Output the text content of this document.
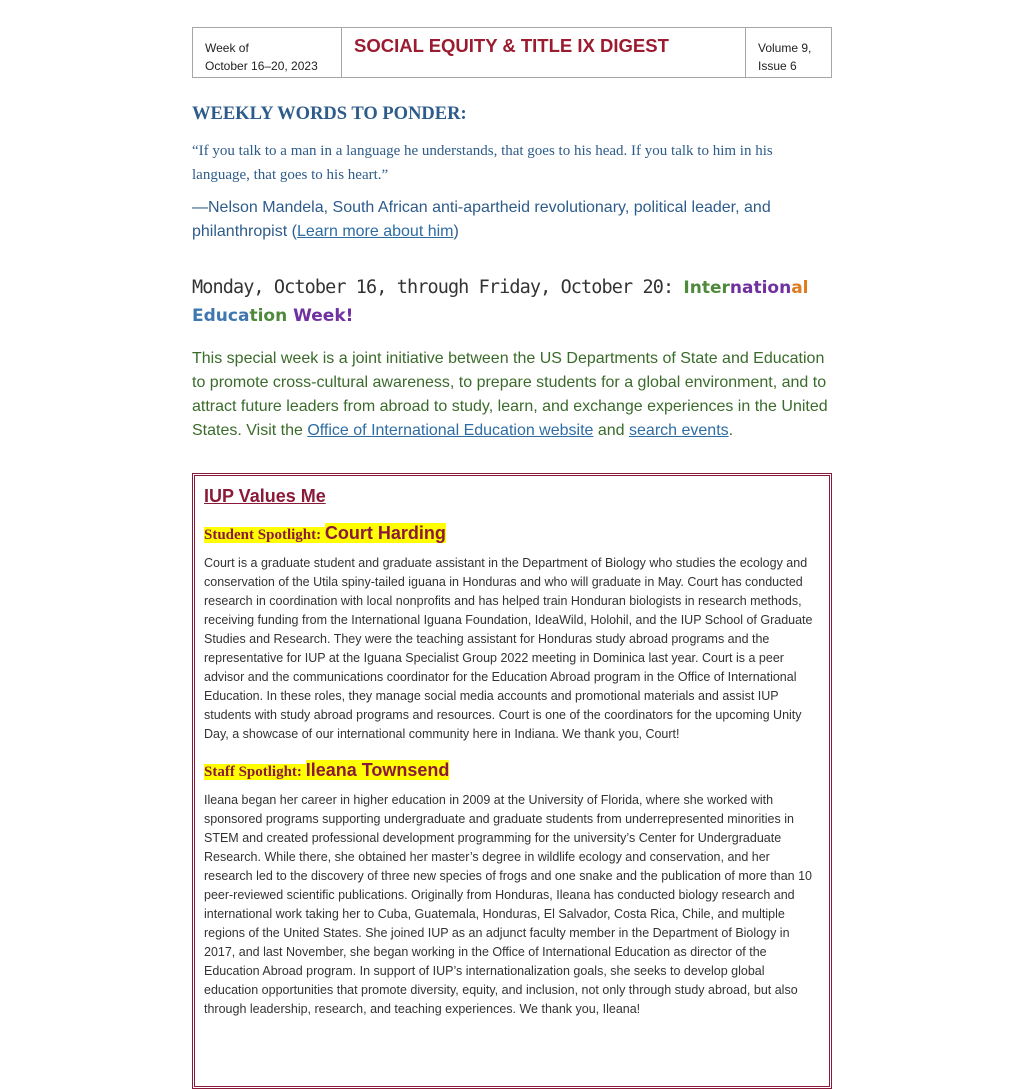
Week of
October 16–20, 2023
SOCIAL EQUITY & TITLE IX DIGEST	Volume 9,
Issue 6
WEEKLY WORDS TO PONDER:
“If you talk to a man in a language he understands, that goes to his head. If you talk to him in his language, that goes to his heart.”
—Nelson Mandela, South African anti-apartheid revolutionary, political leader, and philanthropist (Learn more about him)
Monday, October 16, through Friday, October 20: International Education Week!
This special week is a joint initiative between the US Departments of State and Education to promote cross-cultural awareness, to prepare students for a global environment, and to attract future leaders from abroad to study, learn, and exchange experiences in the United States. Visit the Office of International Education website and search events.
IUP Values Me
Student Spotlight: Court Harding
Court is a graduate student and graduate assistant in the Department of Biology who studies the ecology and conservation of the Utila spiny-tailed iguana in Honduras and who will graduate in May. Court has conducted research in coordination with local nonprofits and has helped train Honduran biologists in research methods, receiving funding from the International Iguana Foundation, IdeaWild, Holohil, and the IUP School of Graduate Studies and Research. They were the teaching assistant for Honduras study abroad programs and the representative for IUP at the Iguana Specialist Group 2022 meeting in Dominica last year. Court is a peer advisor and the communications coordinator for the Education Abroad program in the Office of International Education. In these roles, they manage social media accounts and promotional materials and assist IUP students with study abroad programs and resources. Court is one of the coordinators for the upcoming Unity Day, a showcase of our international community here in Indiana. We thank you, Court!
Staff Spotlight: Ileana Townsend
Ileana began her career in higher education in 2009 at the University of Florida, where she worked with sponsored programs supporting undergraduate and graduate students from underrepresented minorities in STEM and created professional development programming for the university’s Center for Undergraduate Research. While there, she obtained her master’s degree in wildlife ecology and conservation, and her research led to the discovery of three new species of frogs and one snake and the publication of more than 10 peer-reviewed scientific publications. Originally from Honduras, Ileana has conducted biology research and international work taking her to Cuba, Guatemala, Honduras, El Salvador, Costa Rica, Chile, and multiple regions of the United States. She joined IUP as an adjunct faculty member in the Department of Biology in 2017, and last November, she began working in the Office of International Education as director of the Education Abroad program. In support of IUP’s internationalization goals, she seeks to develop global education opportunities that promote diversity, equity, and inclusion, not only through study abroad, but also through leadership, research, and teaching experiences. We thank you, Ileana!
